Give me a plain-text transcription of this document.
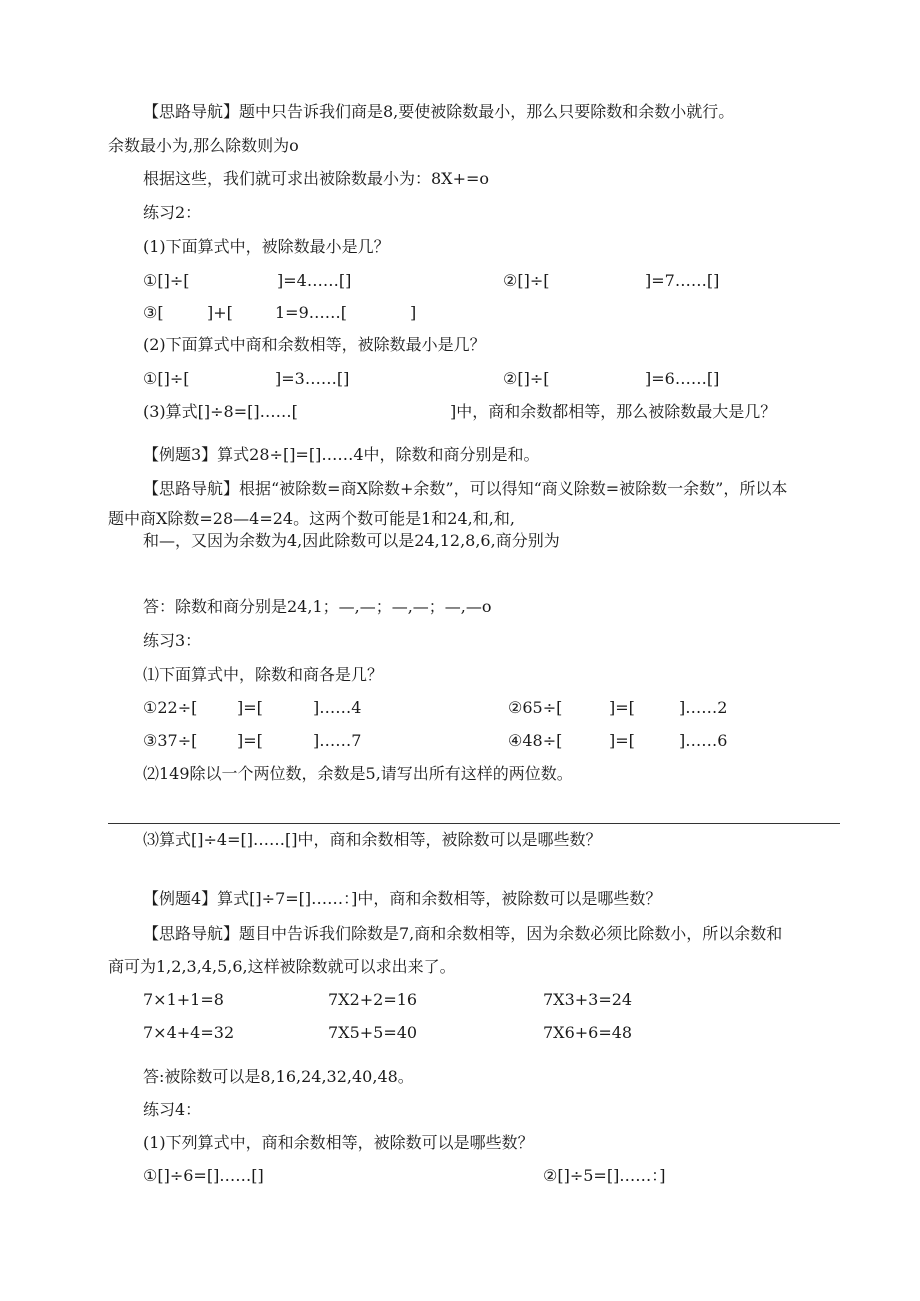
【思路导航】题中只告诉我们商是8,要使被除数最小，那么只要除数和余数小就行。
余数最小为,那么除数则为o
根据这些，我们就可求出被除数最小为：8X+=o
练习2：
(1)下面算式中，被除数最小是几？
①[]÷[	]=4……[]	②[]÷[	]=7……[]
③[	]+[	1=9……[	]
(2)下面算式中商和余数相等，被除数最小是几？
①[]÷[	]=3……[]	②[]÷[	]=6……[]
(3)算式[]÷8=[]……[	]中，商和余数都相等，那么被除数最大是几？
【例题3】算式28÷[]=[]……4中，除数和商分别是和。
【思路导航】根据“被除数=商X除数+余数”，可以得知“商义除数=被除数一余数”，所以本
题中商X除数=28—4=24。这两个数可能是1和24,和,和,
和—，又因为余数为4,因此除数可以是24,12,8,6,商分别为
答：除数和商分别是24,1；—,—；—,—；—,—o
练习3：
⑴下面算式中，除数和商各是几？
①22÷[ ]=[	]……4	②65÷[	]=[	]……2
③37÷[ ]=[	]……7	④48÷[	]=[	]……6
⑵149除以一个两位数，余数是5,请写出所有这样的两位数。
⑶算式[]÷4=[]……[]中，商和余数相等，被除数可以是哪些数？
【例题4】算式[]÷7=[]……：]中，商和余数相等，被除数可以是哪些数？
【思路导航】题目中告诉我们除数是7,商和余数相等，因为余数必须比除数小，所以余数和
商可为1,2,3,4,5,6,这样被除数就可以求出来了。
7×1+1=8	7X2+2=16	7X3+3=24
7×4+4=32	7X5+5=40	7X6+6=48
答:被除数可以是8,16,24,32,40,48。
练习4：
(1)下列算式中，商和余数相等，被除数可以是哪些数？
①[]÷6=[]……[]	②[]÷5=[]……：]
